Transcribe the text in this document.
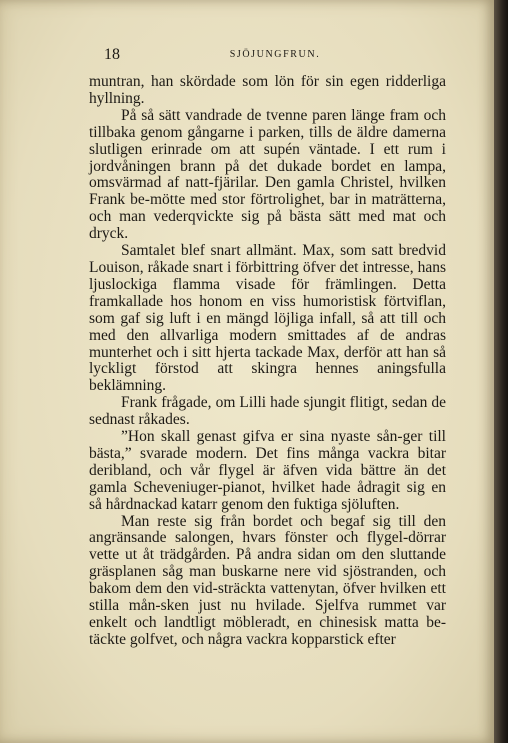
18	SJÖJUNGFRUN.

muntran, han skördade som lön för sin egen ridderliga hyllning.

På så sätt vandrade de tvenne paren länge fram och tillbaka genom gångarne i parken, tills de äldre damerna slutligen erinrade om att supén väntade. I ett rum i jordvåningen brann på det dukade bordet en lampa, omsvärmad af natt-fjärilar. Den gamla Christel, hvilken Frank be-mötte med stor förtrolighet, bar in maträtterna, och man vederqvickte sig på bästa sätt med mat och dryck.

Samtalet blef snart allmänt. Max, som satt bredvid Louison, råkade snart i förbittring öfver det intresse, hans ljuslockiga flamma visade för främlingen. Detta framkallade hos honom en viss humoristisk förtviflan, som gaf sig luft i en mängd löjliga infall, så att till och med den allvarliga modern smittades af de andras munterhet och i sitt hjerta tackade Max, derför att han så lyckligt förstod att skingra hennes aningsfulla beklämning.

Frank frågade, om Lilli hade sjungit flitigt, sedan de sednast råkades.

”Hon skall genast gifva er sina nyaste sån-ger till bästa,” svarade modern. Det fins många vackra bitar deribland, och vår flygel är äfven vida bättre än det gamla Scheveniuger-pianot, hvilket hade ådragit sig en så hårdnackad katarr genom den fuktiga sjöluften.

Man reste sig från bordet och begaf sig till den angränsande salongen, hvars fönster och flygel-dörrar vette ut åt trädgården. På andra sidan om den sluttande gräsplanen såg man buskarne nere vid sjöstranden, och bakom dem den vid-sträckta vattenytan, öfver hvilken ett stilla mån-sken just nu hvilade. Sjelfva rummet var enkelt och landtligt möbleradt, en chinesisk matta be-täckte golfvet, och några vackra kopparstick efter
